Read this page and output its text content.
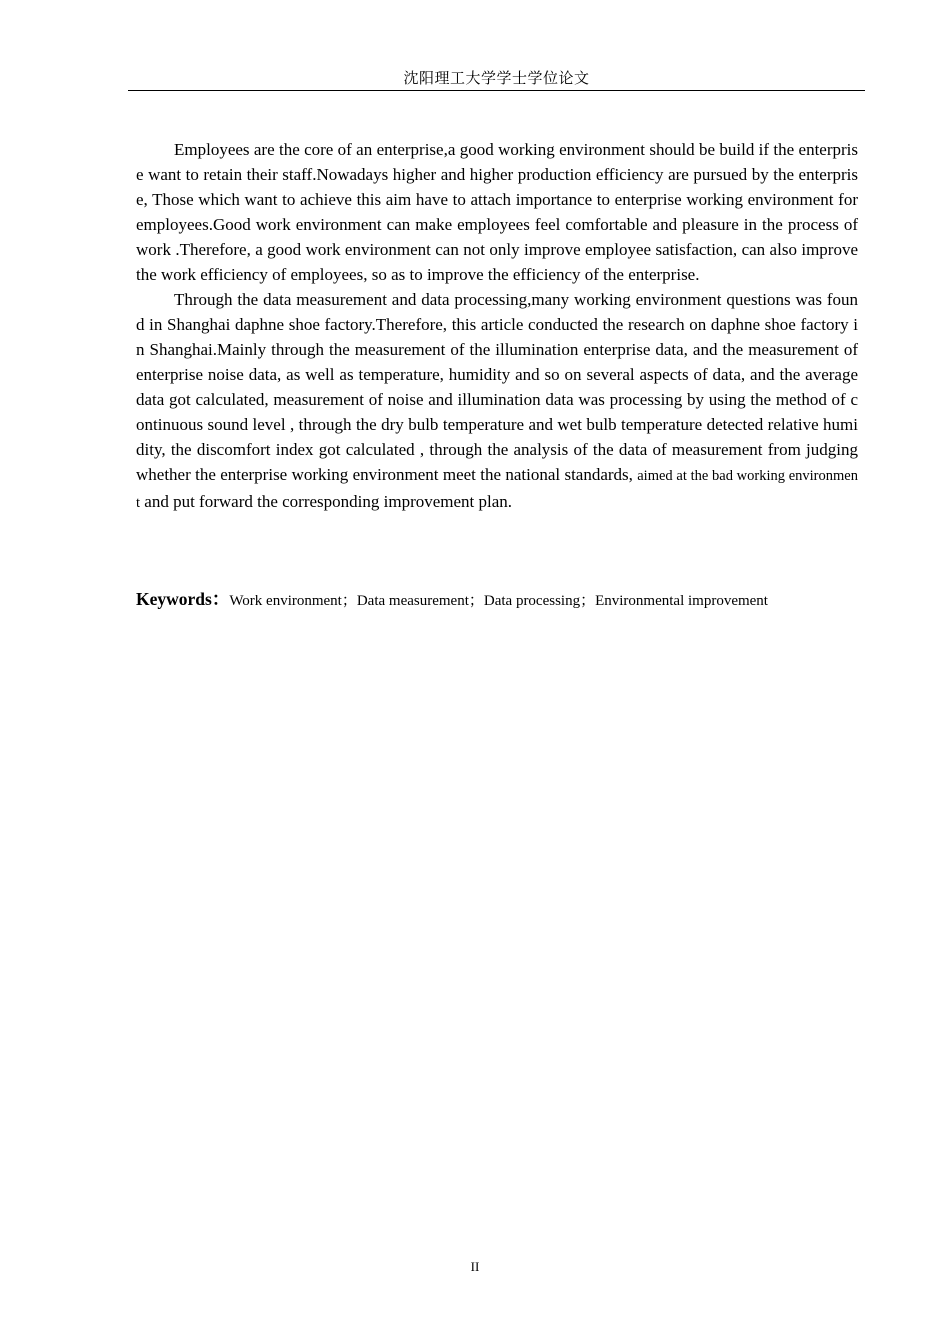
沈阳理工大学学士学位论文

Employees are the core of an enterprise,a good working environment should be build if the enterprise want to retain their staff.Nowadays higher and higher production efficiency are pursued by the enterprise, Those which want to achieve this aim have to attach importance to enterprise working environment for employees.Good work environment can make employees feel comfortable and pleasure in the process of work .Therefore, a good work environment can not only improve employee satisfaction, can also improve the work efficiency of employees, so as to improve the efficiency of the enterprise.

Through the data measurement and data processing,many working environment questions was found in Shanghai daphne shoe factory.Therefore, this article conducted the research on daphne shoe factory in Shanghai.Mainly through the measurement of the illumination enterprise data, and the measurement of enterprise noise data, as well as temperature, humidity and so on several aspects of data, and the average data got calculated, measurement of noise and illumination data was processing by using the method of continuous sound level , through the dry bulb temperature and wet bulb temperature detected relative humidity, the discomfort index got calculated , through the analysis of the data of measurement from judging whether the enterprise working environment meet the national standards, aimed at the bad working environment and put forward the corresponding improvement plan.

Keywords：Work environment；Data measurement；Data processing；Environmental improvement
II
